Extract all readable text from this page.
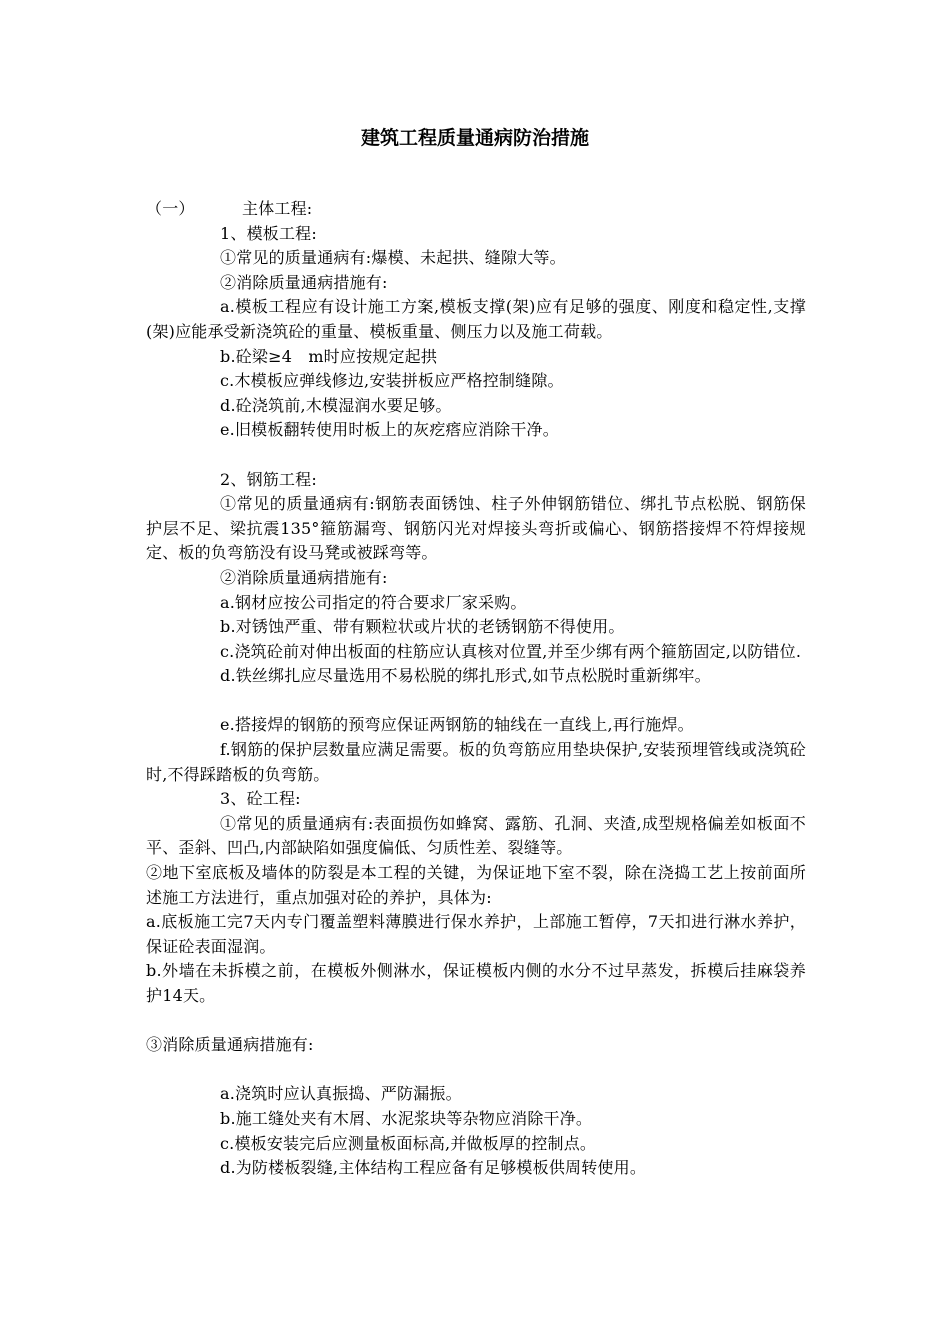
建筑工程质量通病防治措施

（一）	主体工程:

1、模板工程:

①常见的质量通病有:爆模、未起拱、缝隙大等。

②消除质量通病措施有:

a.模板工程应有设计施工方案,模板支撑(架)应有足够的强度、刚度和稳定性,支撑(架)应能承受新浇筑砼的重量、模板重量、侧压力以及施工荷载。

b.砼梁≥4　m时应按规定起拱

c.木模板应弹线修边,安装拼板应严格控制缝隙。

d.砼浇筑前,木模湿润水要足够。

e.旧模板翻转使用时板上的灰疙瘩应消除干净。

2、钢筋工程:

①常见的质量通病有:钢筋表面锈蚀、柱子外伸钢筋错位、绑扎节点松脱、钢筋保护层不足、梁抗震135°箍筋漏弯、钢筋闪光对焊接头弯折或偏心、钢筋搭接焊不符焊接规定、板的负弯筋没有设马凳或被踩弯等。

②消除质量通病措施有:

a.钢材应按公司指定的符合要求厂家采购。

b.对锈蚀严重、带有颗粒状或片状的老锈钢筋不得使用。

c.浇筑砼前对伸出板面的柱筋应认真核对位置,并至少绑有两个箍筋固定,以防错位.

d.铁丝绑扎应尽量选用不易松脱的绑扎形式,如节点松脱时重新绑牢。

e.搭接焊的钢筋的预弯应保证两钢筋的轴线在一直线上,再行施焊。

f.钢筋的保护层数量应满足需要。板的负弯筋应用垫块保护,安装预埋管线或浇筑砼时,不得踩踏板的负弯筋。

3、砼工程:

①常见的质量通病有:表面损伤如蜂窝、露筋、孔洞、夹渣,成型规格偏差如板面不平、歪斜、凹凸,内部缺陷如强度偏低、匀质性差、裂缝等。

②地下室底板及墙体的防裂是本工程的关键，为保证地下室不裂，除在浇捣工艺上按前面所述施工方法进行，重点加强对砼的养护，具体为:

a.底板施工完7天内专门覆盖塑料薄膜进行保水养护，上部施工暂停，7天扣进行淋水养护，保证砼表面湿润。

b.外墙在未拆模之前，在模板外侧淋水，保证模板内侧的水分不过早蒸发，拆模后挂麻袋养护14天。

③消除质量通病措施有:

a.浇筑时应认真振捣、严防漏振。

b.施工缝处夹有木屑、水泥浆块等杂物应消除干净。

c.模板安装完后应测量板面标高,并做板厚的控制点。

d.为防楼板裂缝,主体结构工程应备有足够模板供周转使用。
